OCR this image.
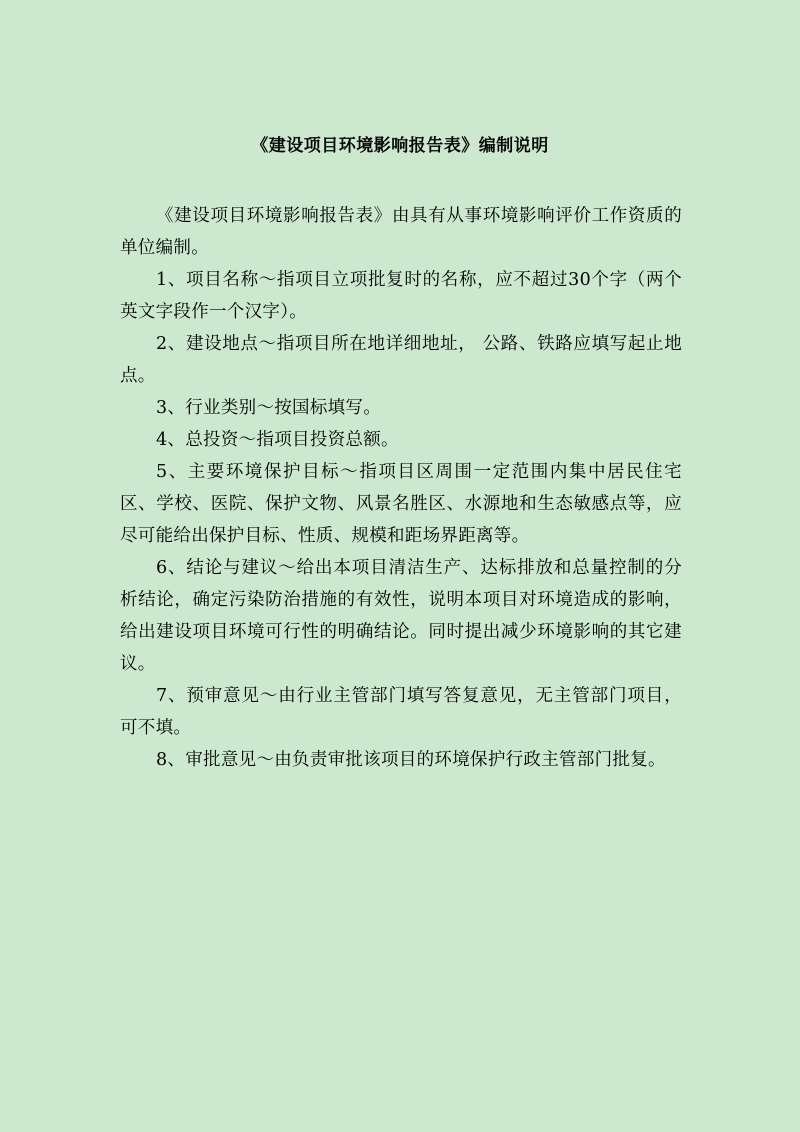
《建设项目环境影响报告表》编制说明

《建设项目环境影响报告表》由具有从事环境影响评价工作资质的单位编制。

1、项目名称～指项目立项批复时的名称，应不超过30个字（两个英文字段作一个汉字）。

2、建设地点～指项目所在地详细地址， 公路、铁路应填写起止地点。

3、行业类别～按国标填写。

4、总投资～指项目投资总额。

5、主要环境保护目标～指项目区周围一定范围内集中居民住宅区、学校、医院、保护文物、风景名胜区、水源地和生态敏感点等，应尽可能给出保护目标、性质、规模和距场界距离等。

6、结论与建议～给出本项目清洁生产、达标排放和总量控制的分析结论，确定污染防治措施的有效性，说明本项目对环境造成的影响，给出建设项目环境可行性的明确结论。同时提出减少环境影响的其它建议。

7、预审意见～由行业主管部门填写答复意见，无主管部门项目，可不填。

8、审批意见～由负责审批该项目的环境保护行政主管部门批复。
